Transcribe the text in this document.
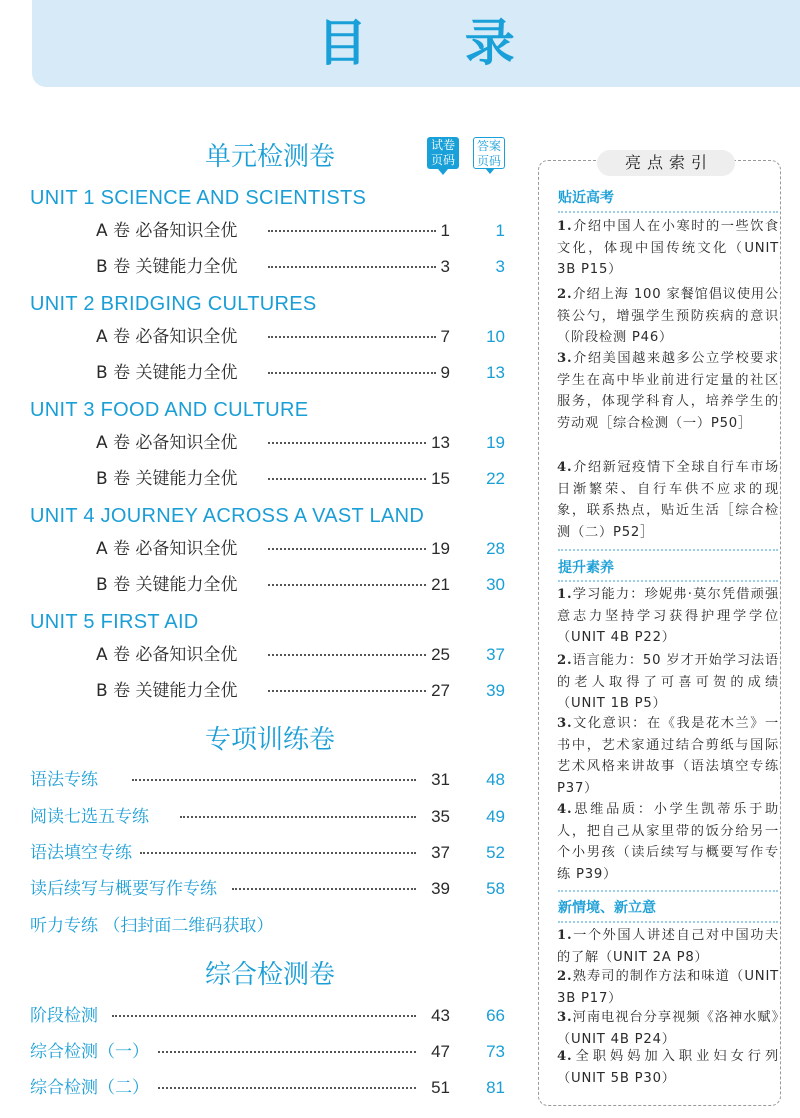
目 录
试卷
页码
答案
页码
单元检测卷
UNIT 1 SCIENCE AND SCIENTISTS
A 卷 必备知识全优	1	1
B 卷 关键能力全优	3	3
UNIT 2 BRIDGING CULTURES
A 卷 必备知识全优	7	10
B 卷 关键能力全优	9	13
UNIT 3 FOOD AND CULTURE
A 卷 必备知识全优	13	19
B 卷 关键能力全优	15	22
UNIT 4 JOURNEY ACROSS A VAST LAND
A 卷 必备知识全优	19	28
B 卷 关键能力全优	21	30
UNIT 5 FIRST AID
A 卷 必备知识全优	25	37
B 卷 关键能力全优	27	39
专项训练卷
语法专练	31	48
阅读七选五专练	35	49
语法填空专练	37	52
读后续写与概要写作专练	39	58
听力专练 （扫封面二维码获取）
综合检测卷
阶段检测	43	66
综合检测（一）	47	73
综合检测（二）	51	81
亮点索引
贴近高考
1.介绍中国人在小寒时的一些饮食文化，体现中国传统文化（UNIT 3B P15）
2.介绍上海 100 家餐馆倡议使用公筷公勺，增强学生预防疾病的意识（阶段检测 P46）
3.介绍美国越来越多公立学校要求学生在高中毕业前进行定量的社区服务，体现学科育人，培养学生的劳动观［综合检测（一）P50］
4.介绍新冠疫情下全球自行车市场日渐繁荣、自行车供不应求的现象，联系热点，贴近生活［综合检测（二）P52］
提升素养
1.学习能力：珍妮弗·莫尔凭借顽强意志力坚持学习获得护理学学位（UNIT 4B P22）
2.语言能力：50 岁才开始学习法语的老人取得了可喜可贺的成绩（UNIT 1B P5）
3.文化意识：在《我是花木兰》一书中，艺术家通过结合剪纸与国际艺术风格来讲故事（语法填空专练 P37）
4.思维品质：小学生凯蒂乐于助人，把自己从家里带的饭分给另一个小男孩（读后续写与概要写作专练 P39）
新情境、新立意
1.一个外国人讲述自己对中国功夫的了解（UNIT 2A P8）
2.熟寿司的制作方法和味道（UNIT 3B P17）
3.河南电视台分享视频《洛神水赋》（UNIT 4B P24）
4.全职妈妈加入职业妇女行列（UNIT 5B P30）
